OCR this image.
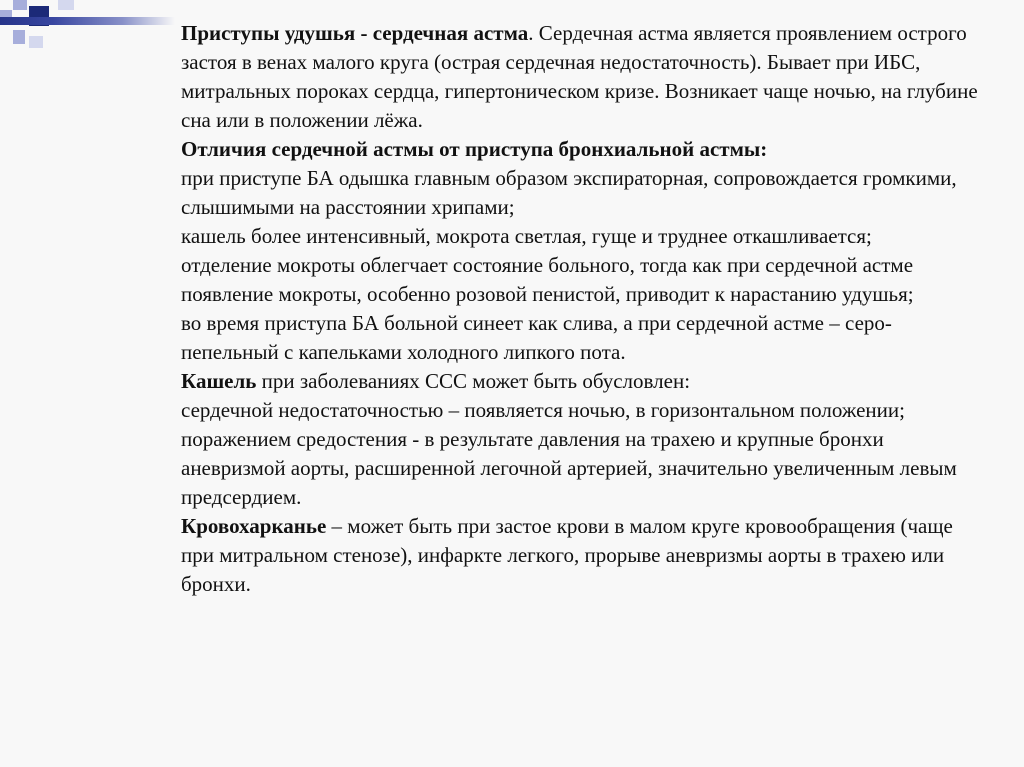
Приступы удушья - сердечная астма. Сердечная астма является проявлением острого застоя в венах малого круга (острая сердечная недостаточность). Бывает при ИБС, митральных пороках сердца, гипертоническом кризе. Возникает чаще ночью, на глубине сна или в положении лёжа.

Отличия сердечной астмы от приступа бронхиальной астмы:

при приступе БА одышка главным образом экспираторная, сопровождается громкими, слышимыми на расстоянии хрипами;

кашель более интенсивный, мокрота светлая, гуще и труднее откашливается;

отделение мокроты облегчает состояние больного, тогда как при сердечной астме появление мокроты, особенно розовой пенистой, приводит к нарастанию удушья;

во время приступа БА больной синеет как слива, а при сердечной астме – серо-пепельный с капельками холодного липкого пота.

Кашель при заболеваниях ССС может быть обусловлен:

сердечной недостаточностью – появляется ночью, в горизонтальном положении;

поражением средостения - в результате давления на трахею и крупные бронхи аневризмой аорты, расширенной легочной артерией, значительно увеличенным левым предсердием.

Кровохарканье – может быть при застое крови в малом круге кровообращения (чаще при митральном стенозе), инфаркте легкого, прорыве аневризмы аорты в трахею или бронхи.
